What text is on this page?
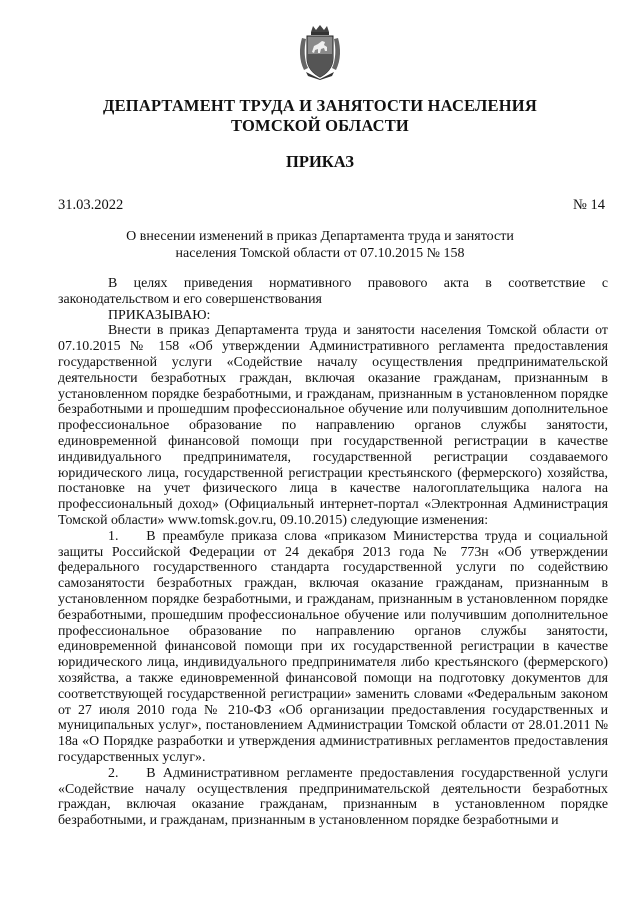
ДЕПАРТАМЕНТ ТРУДА И ЗАНЯТОСТИ НАСЕЛЕНИЯ
ТОМСКОЙ ОБЛАСТИ
ПРИКАЗ
31.03.2022	№ 14
О внесении изменений в приказ Департамента труда и занятости
населения Томской области от 07.10.2015 № 158

В целях приведения нормативного правового акта в соответствие с законодательством и его совершенствования

ПРИКАЗЫВАЮ:

Внести в приказ Департамента труда и занятости населения Томской области от 07.10.2015 № 158 «Об утверждении Административного регламента предоставления государственной услуги «Содействие началу осуществления предпринимательской деятельности безработных граждан, включая оказание гражданам, признанным в установленном порядке безработными, и гражданам, признанным в установленном порядке безработными и прошедшим профессиональное обучение или получившим дополнительное профессиональное образование по направлению органов службы занятости, единовременной финансовой помощи при государственной регистрации в качестве индивидуального предпринимателя, государственной регистрации создаваемого юридического лица, государственной регистрации крестьянского (фермерского) хозяйства, постановке на учет физического лица в качестве налогоплательщика налога на профессиональный доход» (Официальный интернет-портал «Электронная Администрация Томской области» www.tomsk.gov.ru, 09.10.2015) следующие изменения:

1.  В преамбуле приказа слова «приказом Министерства труда и социальной защиты Российской Федерации от 24 декабря 2013 года № 773н «Об утверждении федерального государственного стандарта государственной услуги по содействию самозанятости безработных граждан, включая оказание гражданам, признанным в установленном порядке безработными, и гражданам, признанным в установленном порядке безработными, прошедшим профессиональное обучение или получившим дополнительное профессиональное образование по направлению органов службы занятости, единовременной финансовой помощи при их государственной регистрации в качестве юридического лица, индивидуального предпринимателя либо крестьянского (фермерского) хозяйства, а также единовременной финансовой помощи на подготовку документов для соответствующей государственной регистрации» заменить словами «Федеральным законом от 27 июля 2010 года № 210-ФЗ «Об организации предоставления государственных и муниципальных услуг», постановлением Администрации Томской области от 28.01.2011 № 18а «О Порядке разработки и утверждения административных регламентов предоставления государственных услуг».

2.  В Административном регламенте предоставления государственной услуги «Содействие началу осуществления предпринимательской деятельности безработных граждан, включая оказание гражданам, признанным в установленном порядке безработными, и гражданам, признанным в установленном порядке безработными и
